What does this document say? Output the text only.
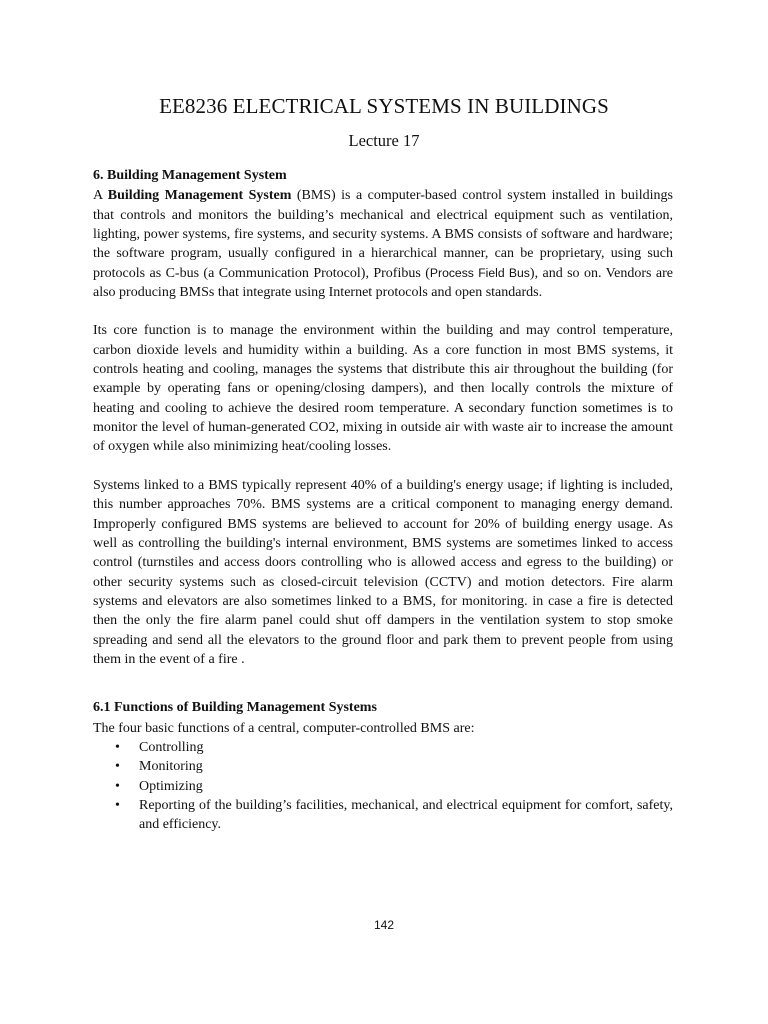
EE8236 ELECTRICAL SYSTEMS IN BUILDINGS
Lecture 17
6. Building Management System

A Building Management System (BMS) is a computer-based control system installed in buildings that controls and monitors the building’s mechanical and electrical equipment such as ventilation, lighting, power systems, fire systems, and security systems. A BMS consists of software and hardware; the software program, usually configured in a hierarchical manner, can be proprietary, using such protocols as C-bus (a Communication Protocol), Profibus (Process Field Bus), and so on. Vendors are also producing BMSs that integrate using Internet protocols and open standards.

Its core function is to manage the environment within the building and may control temperature, carbon dioxide levels and humidity within a building. As a core function in most BMS systems, it controls heating and cooling, manages the systems that distribute this air throughout the building (for example by operating fans or opening/closing dampers), and then locally controls the mixture of heating and cooling to achieve the desired room temperature. A secondary function sometimes is to monitor the level of human-generated CO2, mixing in outside air with waste air to increase the amount of oxygen while also minimizing heat/cooling losses.

Systems linked to a BMS typically represent 40% of a building's energy usage; if lighting is included, this number approaches 70%. BMS systems are a critical component to managing energy demand. Improperly configured BMS systems are believed to account for 20% of building energy usage. As well as controlling the building's internal environment, BMS systems are sometimes linked to access control (turnstiles and access doors controlling who is allowed access and egress to the building) or other security systems such as closed-circuit television (CCTV) and motion detectors. Fire alarm systems and elevators are also sometimes linked to a BMS, for monitoring. in case a fire is detected then the only the fire alarm panel could shut off dampers in the ventilation system to stop smoke spreading and send all the elevators to the ground floor and park them to prevent people from using them in the event of a fire .

6.1 Functions of Building Management Systems

The four basic functions of a central, computer-controlled BMS are:

• Controlling
• Monitoring
• Optimizing
• Reporting of the building’s facilities, mechanical, and electrical equipment for comfort, safety, and efficiency.
142
